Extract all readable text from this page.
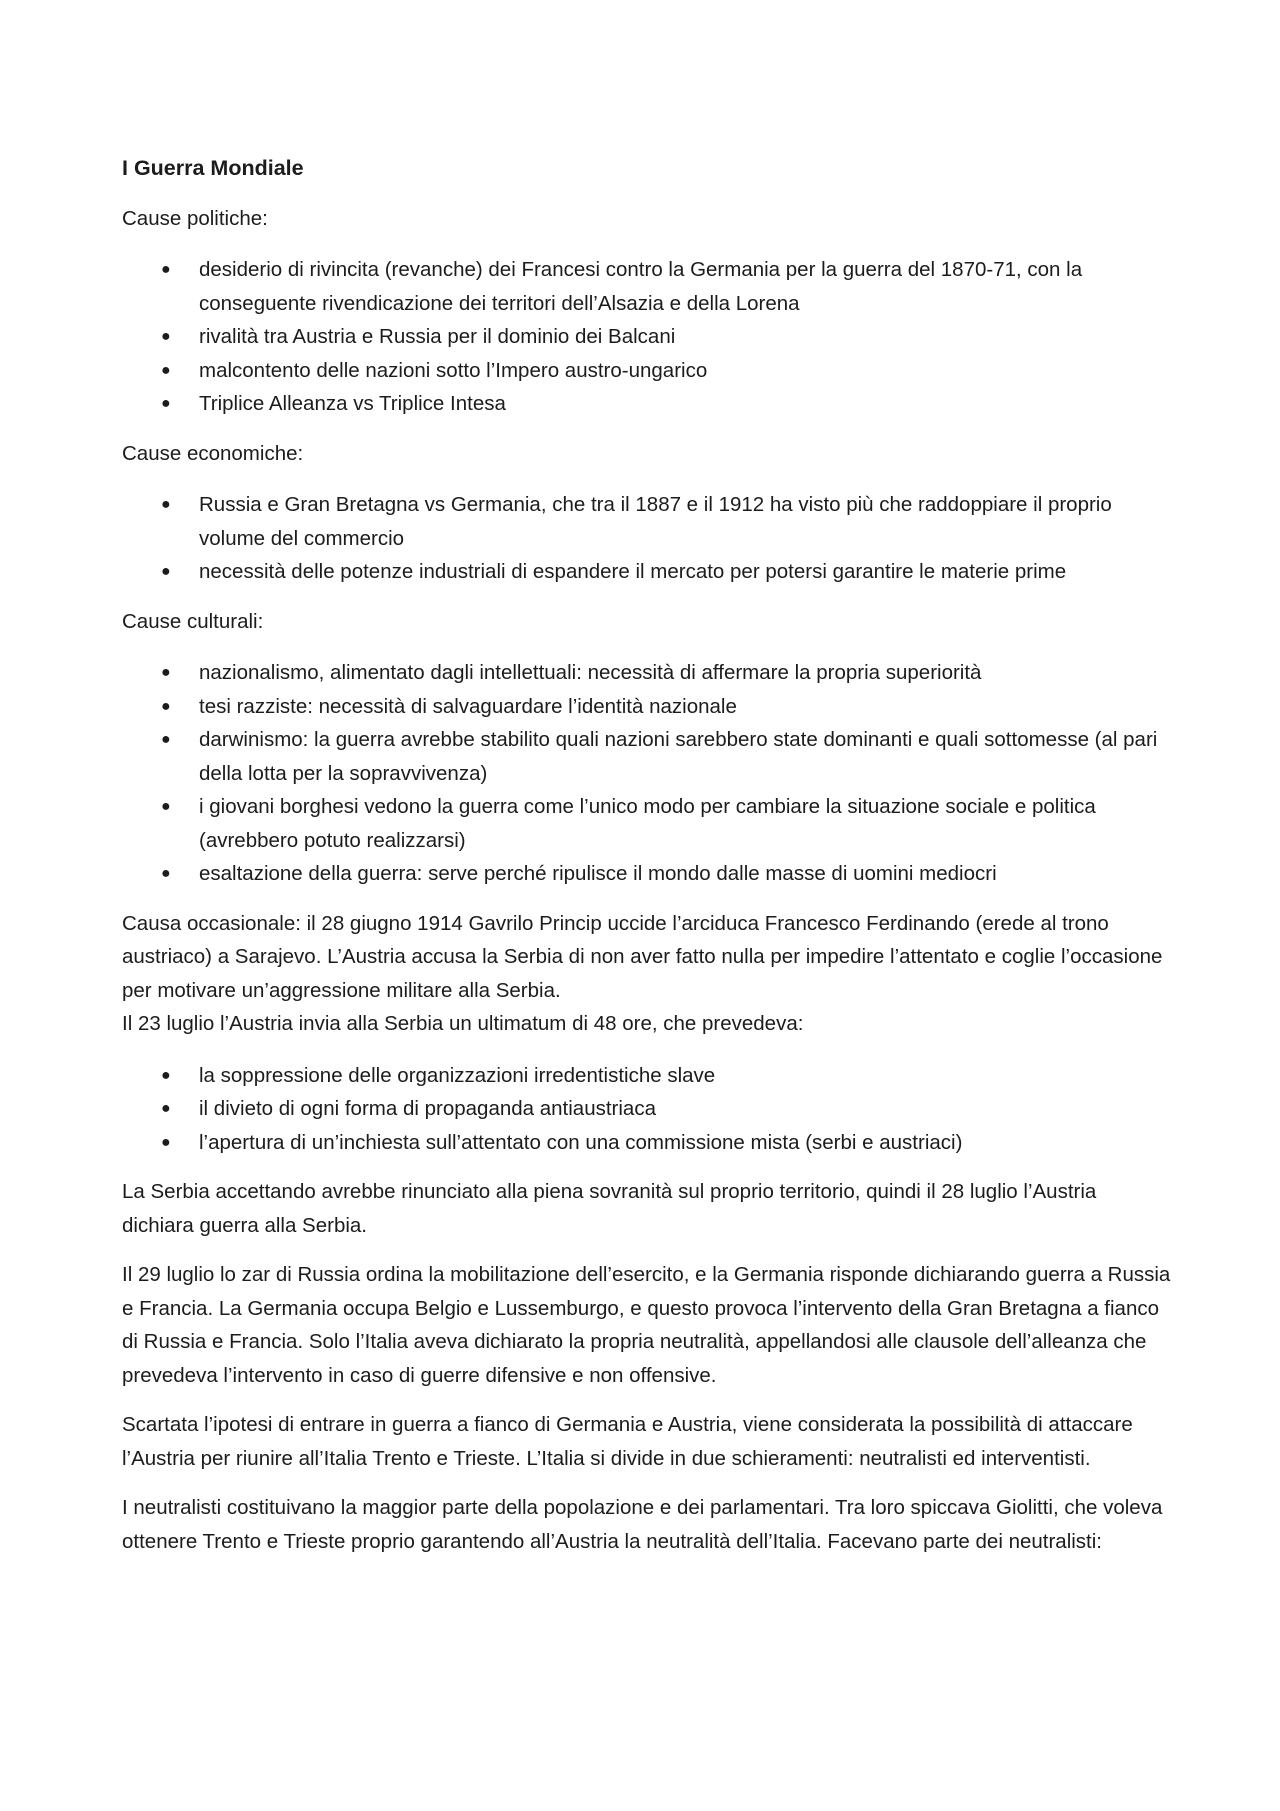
I Guerra Mondiale
Cause politiche:
● desiderio di rivincita (revanche) dei Francesi contro la Germania per la guerra del 1870-71, con la conseguente rivendicazione dei territori dell’Alsazia e della Lorena
● rivalità tra Austria e Russia per il dominio dei Balcani
● malcontento delle nazioni sotto l’Impero austro-ungarico
● Triplice Alleanza vs Triplice Intesa
Cause economiche:
● Russia e Gran Bretagna vs Germania, che tra il 1887 e il 1912 ha visto più che raddoppiare il proprio volume del commercio
● necessità delle potenze industriali di espandere il mercato per potersi garantire le materie prime
Cause culturali:
● nazionalismo, alimentato dagli intellettuali: necessità di affermare la propria superiorità
● tesi razziste: necessità di salvaguardare l’identità nazionale
● darwinismo: la guerra avrebbe stabilito quali nazioni sarebbero state dominanti e quali sottomesse (al pari della lotta per la sopravvivenza)
● i giovani borghesi vedono la guerra come l’unico modo per cambiare la situazione sociale e politica (avrebbero potuto realizzarsi)
● esaltazione della guerra: serve perché ripulisce il mondo dalle masse di uomini mediocri

Causa occasionale: il 28 giugno 1914 Gavrilo Princip uccide l’arciduca Francesco Ferdinando (erede al trono austriaco) a Sarajevo. L’Austria accusa la Serbia di non aver fatto nulla per impedire l’attentato e coglie l’occasione per motivare un’aggressione militare alla Serbia.

Il 23 luglio l’Austria invia alla Serbia un ultimatum di 48 ore, che prevedeva:

● la soppressione delle organizzazioni irredentistiche slave
● il divieto di ogni forma di propaganda antiaustriaca
● l’apertura di un’inchiesta sull’attentato con una commissione mista (serbi e austriaci)

La Serbia accettando avrebbe rinunciato alla piena sovranità sul proprio territorio, quindi il 28 luglio l’Austria dichiara guerra alla Serbia.

Il 29 luglio lo zar di Russia ordina la mobilitazione dell’esercito, e la Germania risponde dichiarando guerra a Russia e Francia. La Germania occupa Belgio e Lussemburgo, e questo provoca l’intervento della Gran Bretagna a fianco di Russia e Francia. Solo l’Italia aveva dichiarato la propria neutralità, appellandosi alle clausole dell’alleanza che prevedeva l’intervento in caso di guerre difensive e non offensive.

Scartata l’ipotesi di entrare in guerra a fianco di Germania e Austria, viene considerata la possibilità di attaccare l’Austria per riunire all’Italia Trento e Trieste. L’Italia si divide in due schieramenti: neutralisti ed interventisti.

I neutralisti costituivano la maggior parte della popolazione e dei parlamentari. Tra loro spiccava Giolitti, che voleva ottenere Trento e Trieste proprio garantendo all’Austria la neutralità dell’Italia. Facevano parte dei neutralisti:
